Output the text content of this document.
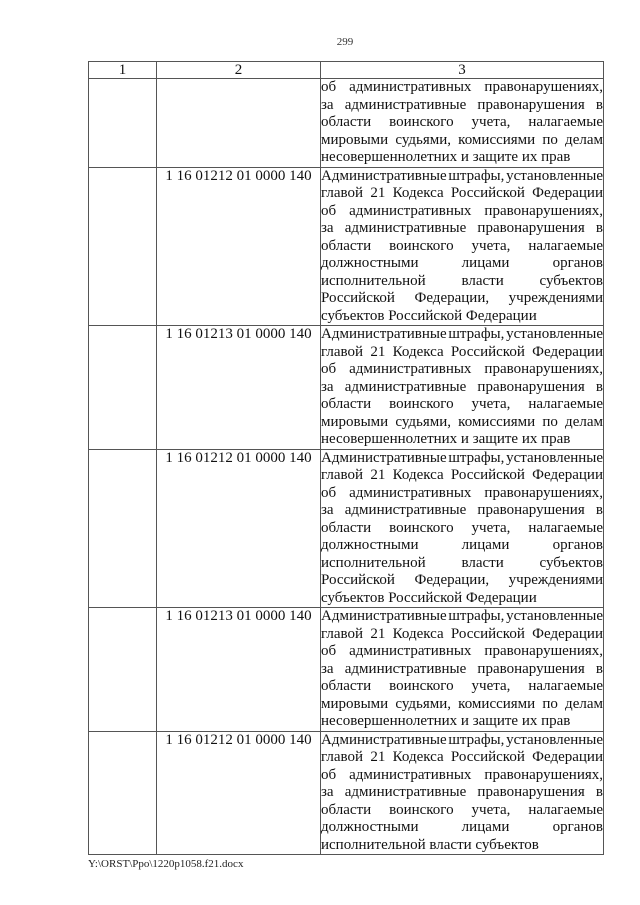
299
1	2	3

		об административных правонарушениях,
за административные правонарушения в
области воинского учета, налагаемые
мировыми судьями, комиссиями по делам
несовершеннолетних и защите их прав

	1 16 01212 01 0000 140	Административные штрафы, установленные
главой 21 Кодекса Российской Федерации
об административных правонарушениях,
за административные правонарушения в
области воинского учета, налагаемые
должностными лицами органов
исполнительной власти субъектов
Российской Федерации, учреждениями
субъектов Российской Федерации

	1 16 01213 01 0000 140	Административные штрафы, установленные
главой 21 Кодекса Российской Федерации
об административных правонарушениях,
за административные правонарушения в
области воинского учета, налагаемые
мировыми судьями, комиссиями по делам
несовершеннолетних и защите их прав

	1 16 01212 01 0000 140	Административные штрафы, установленные
главой 21 Кодекса Российской Федерации
об административных правонарушениях,
за административные правонарушения в
области воинского учета, налагаемые
должностными лицами органов
исполнительной власти субъектов
Российской Федерации, учреждениями
субъектов Российской Федерации

	1 16 01213 01 0000 140	Административные штрафы, установленные
главой 21 Кодекса Российской Федерации
об административных правонарушениях,
за административные правонарушения в
области воинского учета, налагаемые
мировыми судьями, комиссиями по делам
несовершеннолетних и защите их прав

	1 16 01212 01 0000 140	Административные штрафы, установленные
главой 21 Кодекса Российской Федерации
об административных правонарушениях,
за административные правонарушения в
области воинского учета, налагаемые
должностными лицами органов
исполнительной власти субъектов
Y:\ORST\Ppo\1220p1058.f21.docx
